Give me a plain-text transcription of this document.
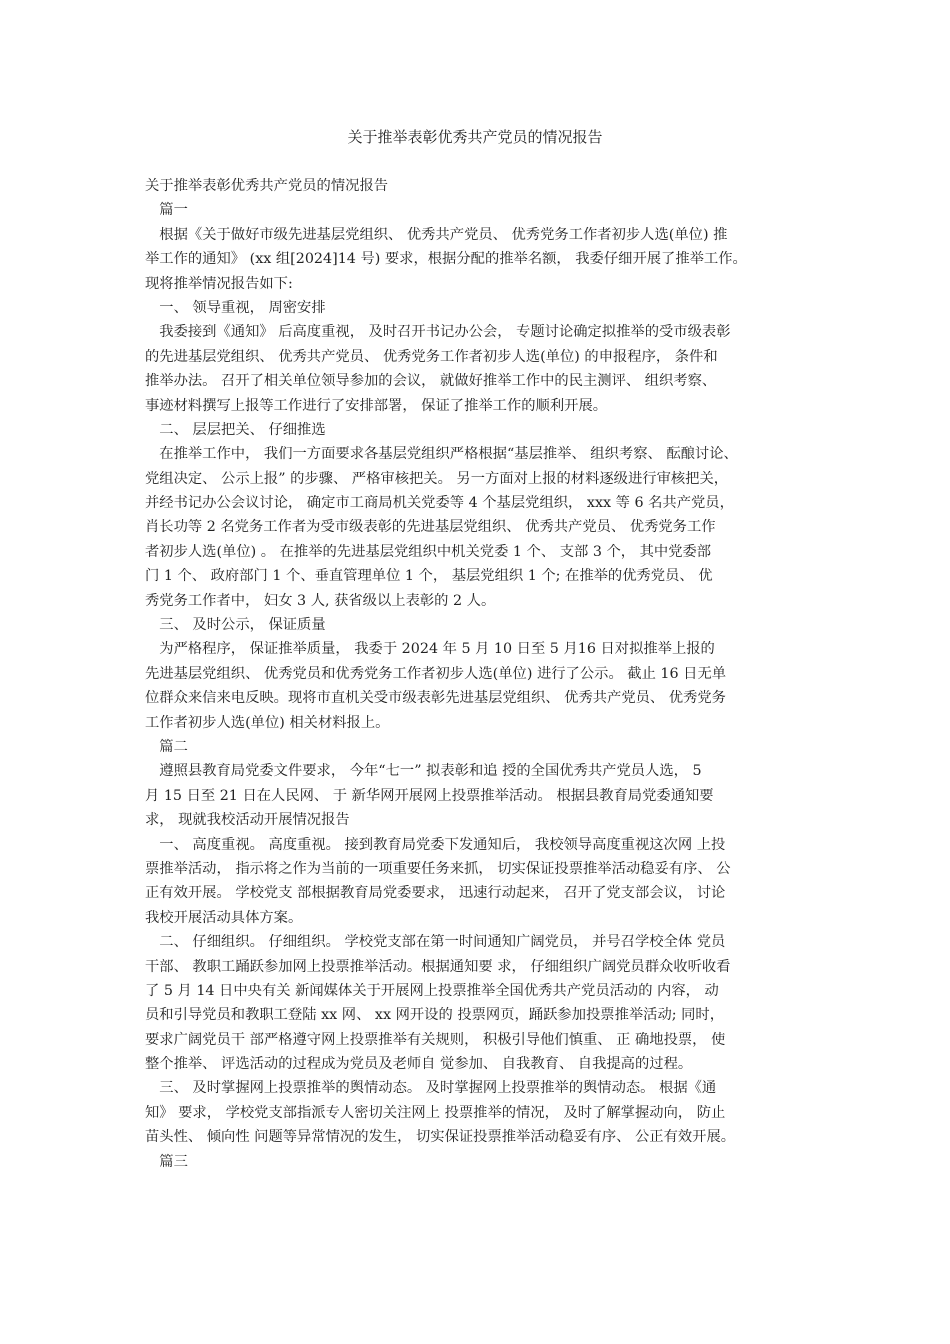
关于推举表彰优秀共产党员的情况报告
关于推举表彰优秀共产党员的情况报告
　篇一
　根据《关于做好市级先进基层党组织、 优秀共产党员、 优秀党务工作者初步人选(单位) 推
举工作的通知》 (xx 组[2024]14 号) 要求，根据分配的推举名额， 我委仔细开展了推举工作。
现将推举情况报告如下:
　一、 领导重视， 周密安排
　我委接到《通知》 后高度重视， 及时召开书记办公会， 专题讨论确定拟推举的受市级表彰
的先进基层党组织、 优秀共产党员、 优秀党务工作者初步人选(单位) 的申报程序， 条件和
推举办法。 召开了相关单位领导参加的会议， 就做好推举工作中的民主测评、 组织考察、
事迹材料撰写上报等工作进行了安排部署， 保证了推举工作的顺利开展。
　二、 层层把关、 仔细推选
　在推举工作中， 我们一方面要求各基层党组织严格根据“基层推举、 组织考察、 酝酿讨论、
党组决定、 公示上报” 的步骤、 严格审核把关。 另一方面对上报的材料逐级进行审核把关，
并经书记办公会议讨论， 确定市工商局机关党委等 4 个基层党组织， xxx 等 6 名共产党员，
肖长功等 2 名党务工作者为受市级表彰的先进基层党组织、 优秀共产党员、 优秀党务工作
者初步人选(单位) 。 在推举的先进基层党组织中机关党委 1 个、 支部 3 个， 其中党委部
门 1 个、 政府部门 1 个、垂直管理单位 1 个， 基层党组织 1 个; 在推举的优秀党员、 优
秀党务工作者中， 妇女 3 人, 获省级以上表彰的 2 人。
　三、 及时公示， 保证质量
　为严格程序， 保证推举质量， 我委于 2024 年 5 月 10 日至 5 月16 日对拟推举上报的
先进基层党组织、 优秀党员和优秀党务工作者初步人选(单位) 进行了公示。 截止 16 日无单
位群众来信来电反映。现将市直机关受市级表彰先进基层党组织、 优秀共产党员、 优秀党务
工作者初步人选(单位) 相关材料报上。
　篇二
　遵照县教育局党委文件要求， 今年“七一” 拟表彰和追 授的全国优秀共产党员人选， 5
月 15 日至 21 日在人民网、 于 新华网开展网上投票推举活动。 根据县教育局党委通知要
求， 现就我校活动开展情况报告
　一、 高度重视。 高度重视。 接到教育局党委下发通知后， 我校领导高度重视这次网 上投
票推举活动， 指示将之作为当前的一项重要任务来抓， 切实保证投票推举活动稳妥有序、 公
正有效开展。 学校党支 部根据教育局党委要求， 迅速行动起来， 召开了党支部会议， 讨论
我校开展活动具体方案。
　二、 仔细组织。 仔细组织。 学校党支部在第一时间通知广阔党员， 并号召学校全体 党员
干部、 教职工踊跃参加网上投票推举活动。根据通知要 求， 仔细组织广阔党员群众收听收看
了 5 月 14 日中央有关 新闻媒体关于开展网上投票推举全国优秀共产党员活动的 内容， 动
员和引导党员和教职工登陆 xx 网、 xx 网开设的 投票网页，踊跃参加投票推举活动; 同时，
要求广阔党员干 部严格遵守网上投票推举有关规则， 积极引导他们慎重、 正 确地投票， 使
整个推举、 评选活动的过程成为党员及老师自 觉参加、 自我教育、 自我提高的过程。
　三、 及时掌握网上投票推举的舆情动态。 及时掌握网上投票推举的舆情动态。 根据《通
知》 要求， 学校党支部指派专人密切关注网上 投票推举的情况， 及时了解掌握动向， 防止
苗头性、 倾向性 问题等异常情况的发生， 切实保证投票推举活动稳妥有序、 公正有效开展。
　篇三
